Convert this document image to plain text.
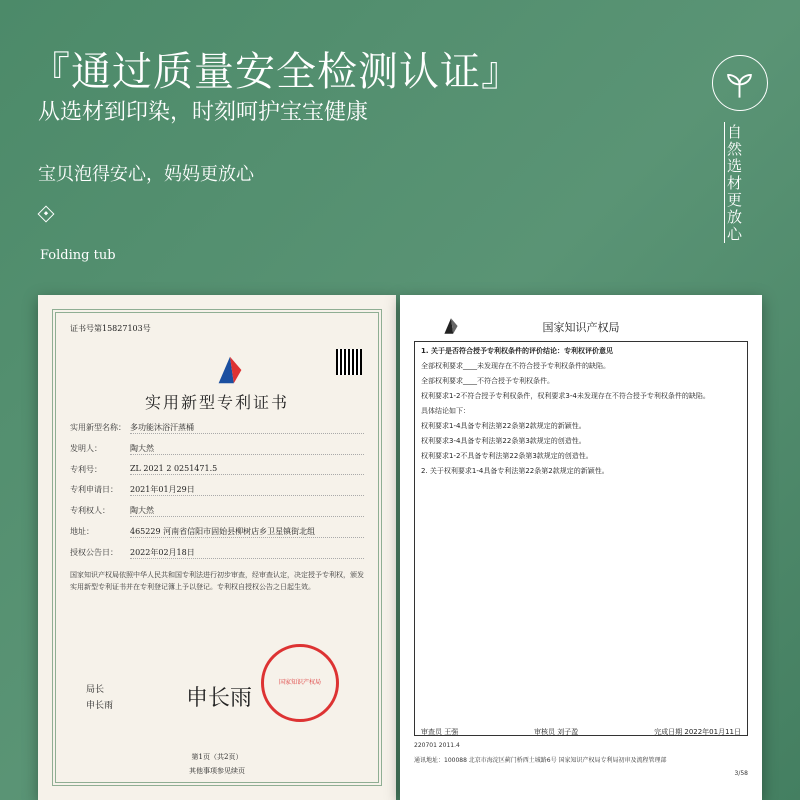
『通过质量安全检测认证』
从选材到印染，时刻呵护宝宝健康
宝贝泡得安心，妈妈更放心
Folding tub
自然选材 更放心
证书号第15827103号
实用新型专利证书
实用新型名称： 多功能沐浴汗蒸桶
发明人：	陶大然
专利号：	ZL 2021 2 0251471.5
专利申请日：	2021年01月29日
专利权人：	陶大然
地址：	465229 河南省信阳市固始县柳树店乡卫星镇街北组
授权公告日：	2022年02月18日
国家知识产权局依照中华人民共和国专利法进行初步审查，经审查认定，决定授予专利权，颁发实用新型专利证书并在专利登记簿上予以登记。专利权自授权公告之日起生效。
局长
申长雨	申长雨
国家知识产权局
第1页（共2页）
其他事项参见续页
国家知识产权局
1. 关于是否符合授予专利权条件的评价结论：专利权评价意见
全部权利要求____未发现存在不符合授予专利权条件的缺陷。
全部权利要求____不符合授予专利权条件。
权利要求1-2不符合授予专利权条件，权利要求3-4未发现存在不符合授予专利权条件的缺陷。
具体结论如下：
权利要求1-4具备专利法第22条第2款规定的新颖性。
权利要求3-4具备专利法第22条第3款规定的创造性。
权利要求1-2不具备专利法第22条第3款规定的创造性。
2. 关于权利要求1-4具备专利法第22条第2款规定的新颖性。
审查员 王强	审核员 刘子盈	完成日期 2022年01月11日
220701 2011.4
通讯地址：100088 北京市海淀区蓟门桥西土城路6号 国家知识产权局专利局初审及流程管理部
3/58
